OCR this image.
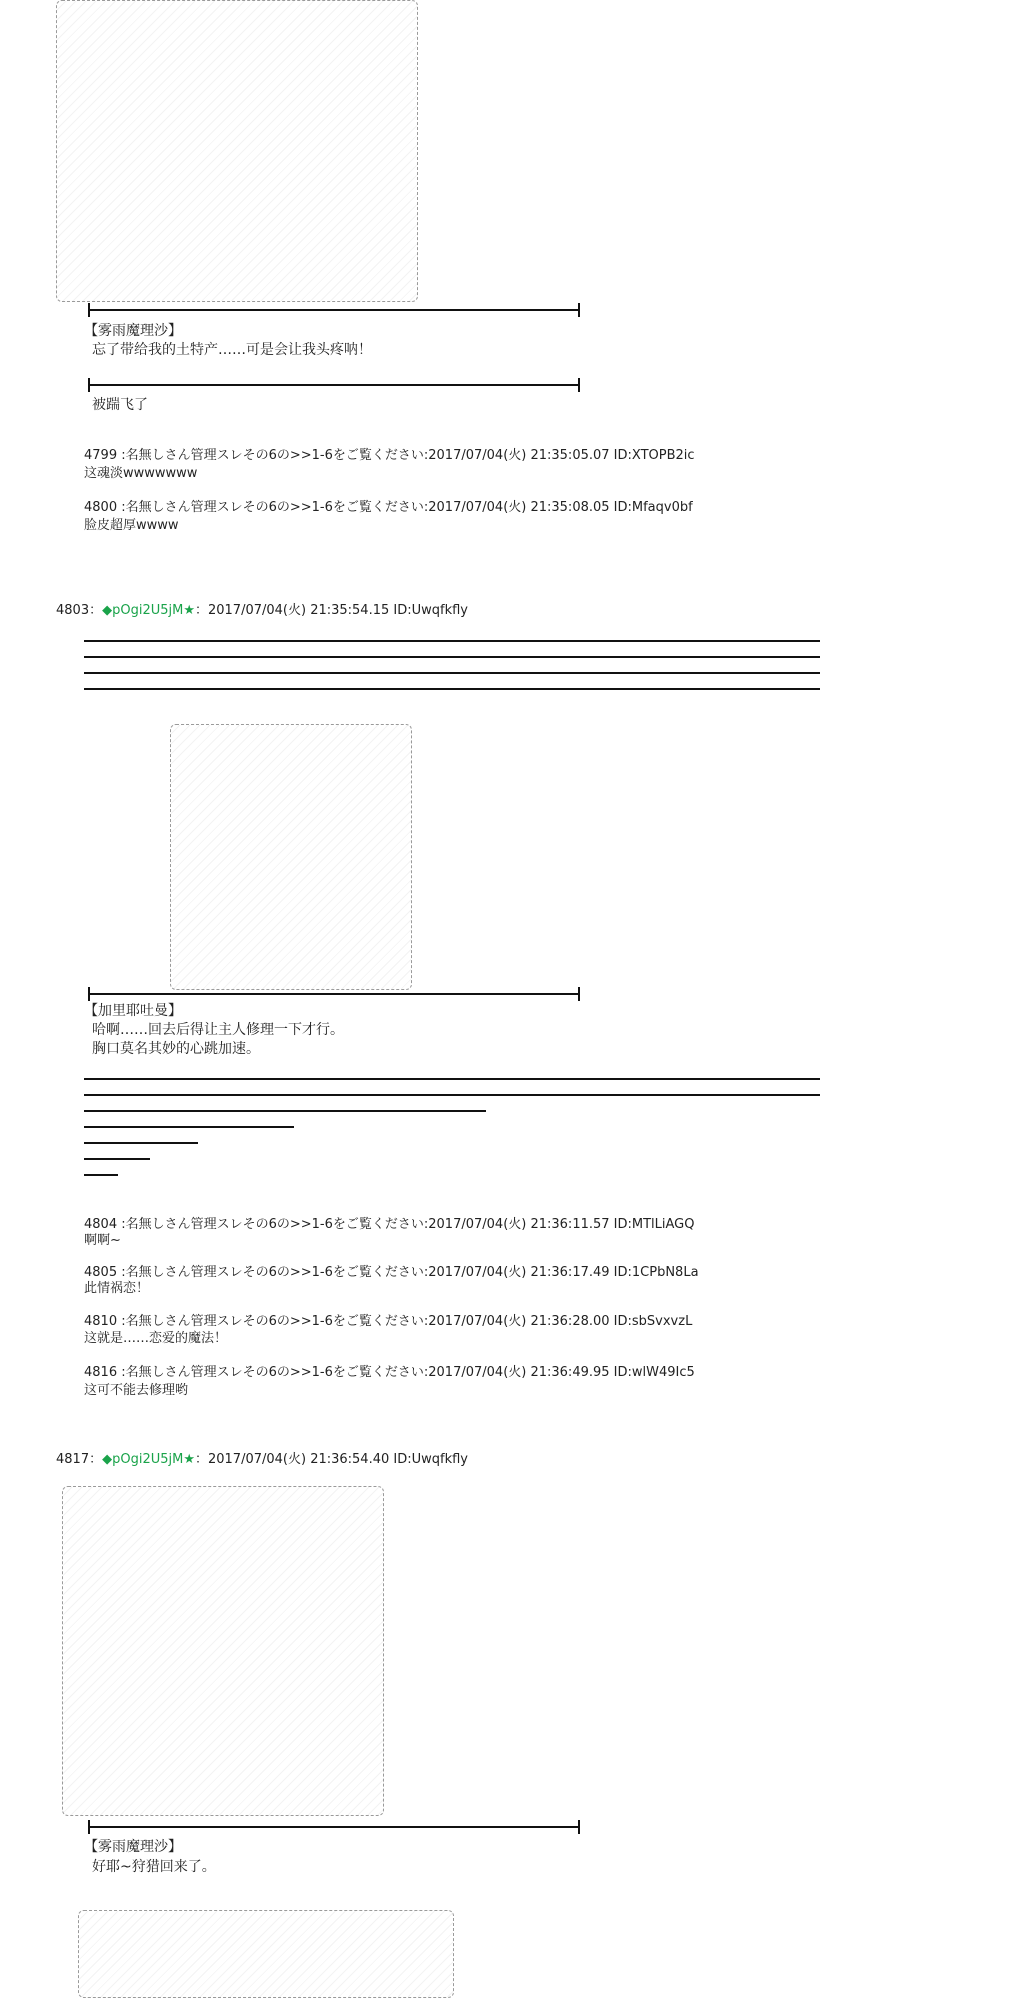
【雾雨魔理沙】
忘了带给我的土特产……可是会让我头疼呐！
被踹飞了
4799 :名無しさん管理スレその6の>>1-6をご覧ください:2017/07/04(火) 21:35:05.07 ID:XTOPB2ic
这魂淡wwwwwww
4800 :名無しさん管理スレその6の>>1-6をご覧ください:2017/07/04(火) 21:35:08.05 ID:Mfaqv0bf
脸皮超厚wwww
4803：◆pOgi2U5jM★：2017/07/04(火) 21:35:54.15 ID:Uwqfkfly
【加里耶吐曼】
哈啊……回去后得让主人修理一下才行。
胸口莫名其妙的心跳加速。
4804 :名無しさん管理スレその6の>>1-6をご覧ください:2017/07/04(火) 21:36:11.57 ID:MTlLiAGQ
啊啊~
4805 :名無しさん管理スレその6の>>1-6をご覧ください:2017/07/04(火) 21:36:17.49 ID:1CPbN8La
此情祸恋！
4810 :名無しさん管理スレその6の>>1-6をご覧ください:2017/07/04(火) 21:36:28.00 ID:sbSvxvzL
这就是……恋爱的魔法！
4816 :名無しさん管理スレその6の>>1-6をご覧ください:2017/07/04(火) 21:36:49.95 ID:wlW49Ic5
这可不能去修理哟
4817：◆pOgi2U5jM★：2017/07/04(火) 21:36:54.40 ID:Uwqfkfly
【雾雨魔理沙】
好耶~狩猎回来了。
